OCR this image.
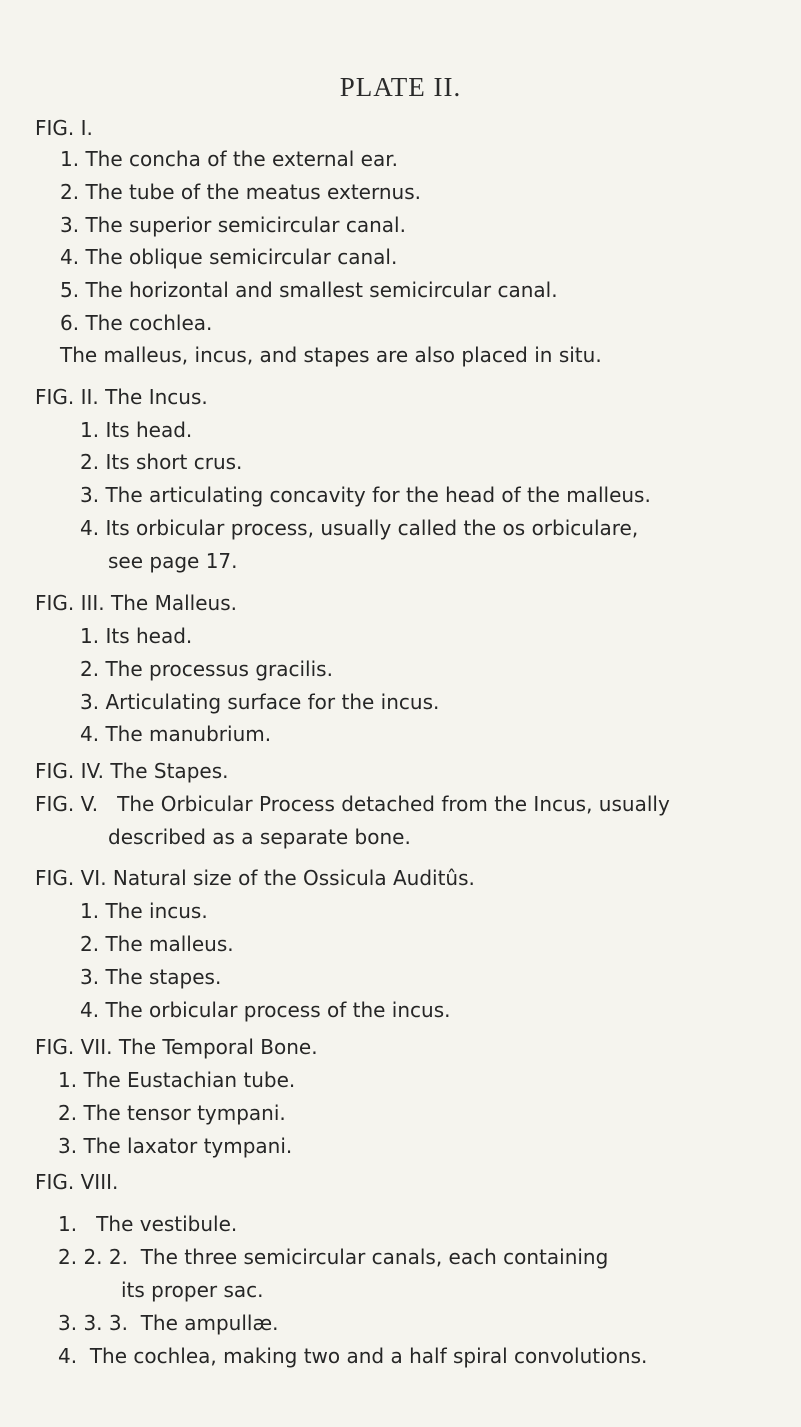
PLATE II.
FIG. I.
1. The concha of the external ear.
2. The tube of the meatus externus.
3. The superior semicircular canal.
4. The oblique semicircular canal.
5. The horizontal and smallest semicircular canal.
6. The cochlea.
The malleus, incus, and stapes are also placed in situ.
FIG. II. The Incus.
1. Its head.
2. Its short crus.
3. The articulating concavity for the head of the malleus.
4. Its orbicular process, usually called the os orbiculare,
see page 17.
FIG. III. The Malleus.
1. Its head.
2. The processus gracilis.
3. Articulating surface for the incus.
4. The manubrium.
FIG. IV. The Stapes.
FIG. V. The Orbicular Process detached from the Incus, usually
described as a separate bone.
FIG. VI. Natural size of the Ossicula Auditûs.
1. The incus.
2. The malleus.
3. The stapes.
4. The orbicular process of the incus.
FIG. VII. The Temporal Bone.
1. The Eustachian tube.
2. The tensor tympani.
3. The laxator tympani.
FIG. VIII.
1. The vestibule.
2. 2. 2. The three semicircular canals, each containing
its proper sac.
3. 3. 3. The ampullæ.
4. The cochlea, making two and a half spiral convolutions.
